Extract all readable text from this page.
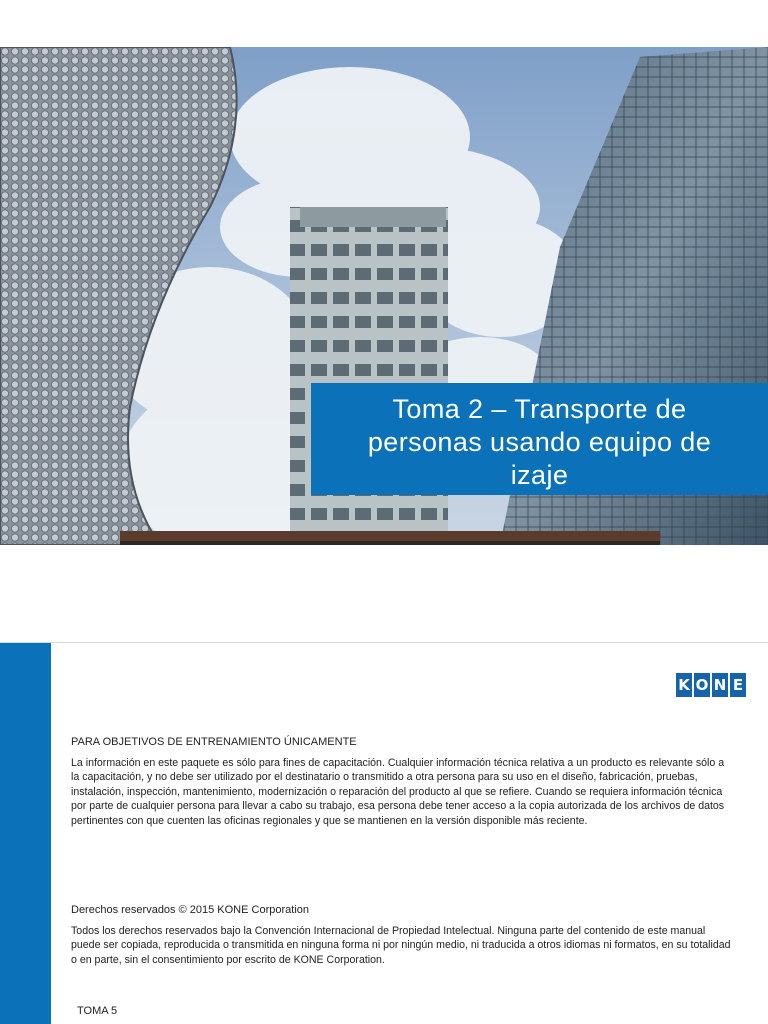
Toma 2 – Transporte de
personas usando equipo de
izaje
K O N E
PARA OBJETIVOS DE ENTRENAMIENTO ÚNICAMENTE
La información en este paquete es sólo para fines de capacitación. Cualquier información técnica relativa a un producto es relevante sólo a la capacitación, y no debe ser utilizado por el destinatario o transmitido a otra persona para su uso en el diseño, fabricación, pruebas, instalación, inspección, mantenimiento, modernización o reparación del producto al que se refiere. Cuando se requiera información técnica por parte de cualquier persona para llevar a cabo su trabajo, esa persona debe tener acceso a la copia autorizada de los archivos de datos pertinentes con que cuenten las oficinas regionales y que se mantienen en la versión disponible más reciente.
Derechos reservados © 2015 KONE Corporation
Todos los derechos reservados bajo la Convención Internacional de Propiedad Intelectual. Ninguna parte del contenido de este manual puede ser copiada, reproducida o transmitida en ninguna forma ni por ningún medio, ni traducida a otros idiomas ni formatos, en su totalidad o en parte, sin el consentimiento por escrito de KONE Corporation.
TOMA 5
